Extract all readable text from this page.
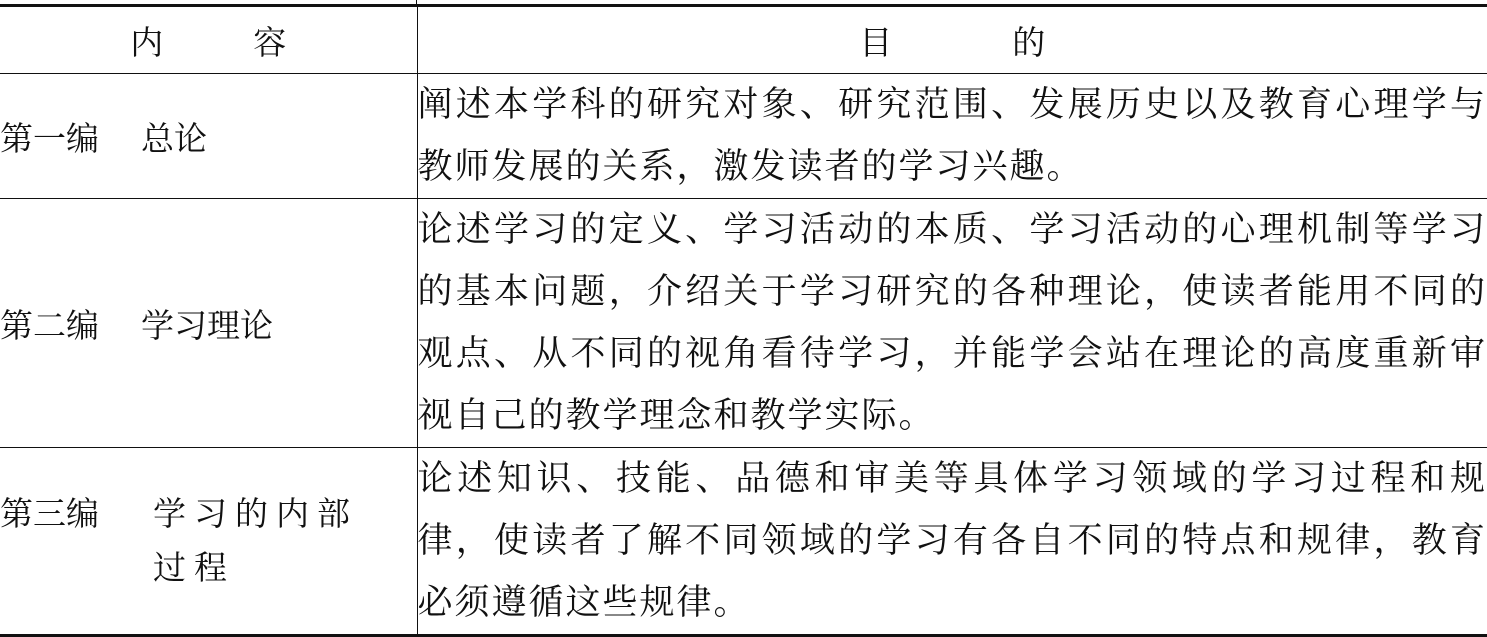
内 容	目 的
第一编 总论	阐述本学科的研究对象、研究范围、发展历史以及教育心理学与教师发展的关系，激发读者的学习兴趣。
第二编 学习理论	论述学习的定义、学习活动的本质、学习活动的心理机制等学习的基本问题，介绍关于学习研究的各种理论，使读者能用不同的观点、从不同的视角看待学习，并能学会站在理论的高度重新审视自己的教学理念和教学实际。

第三编 学习的内部过程	论述知识、技能、品德和审美等具体学习领域的学习过程和规律，使读者了解不同领域的学习有各自不同的特点和规律，教育必须遵循这些规律。
